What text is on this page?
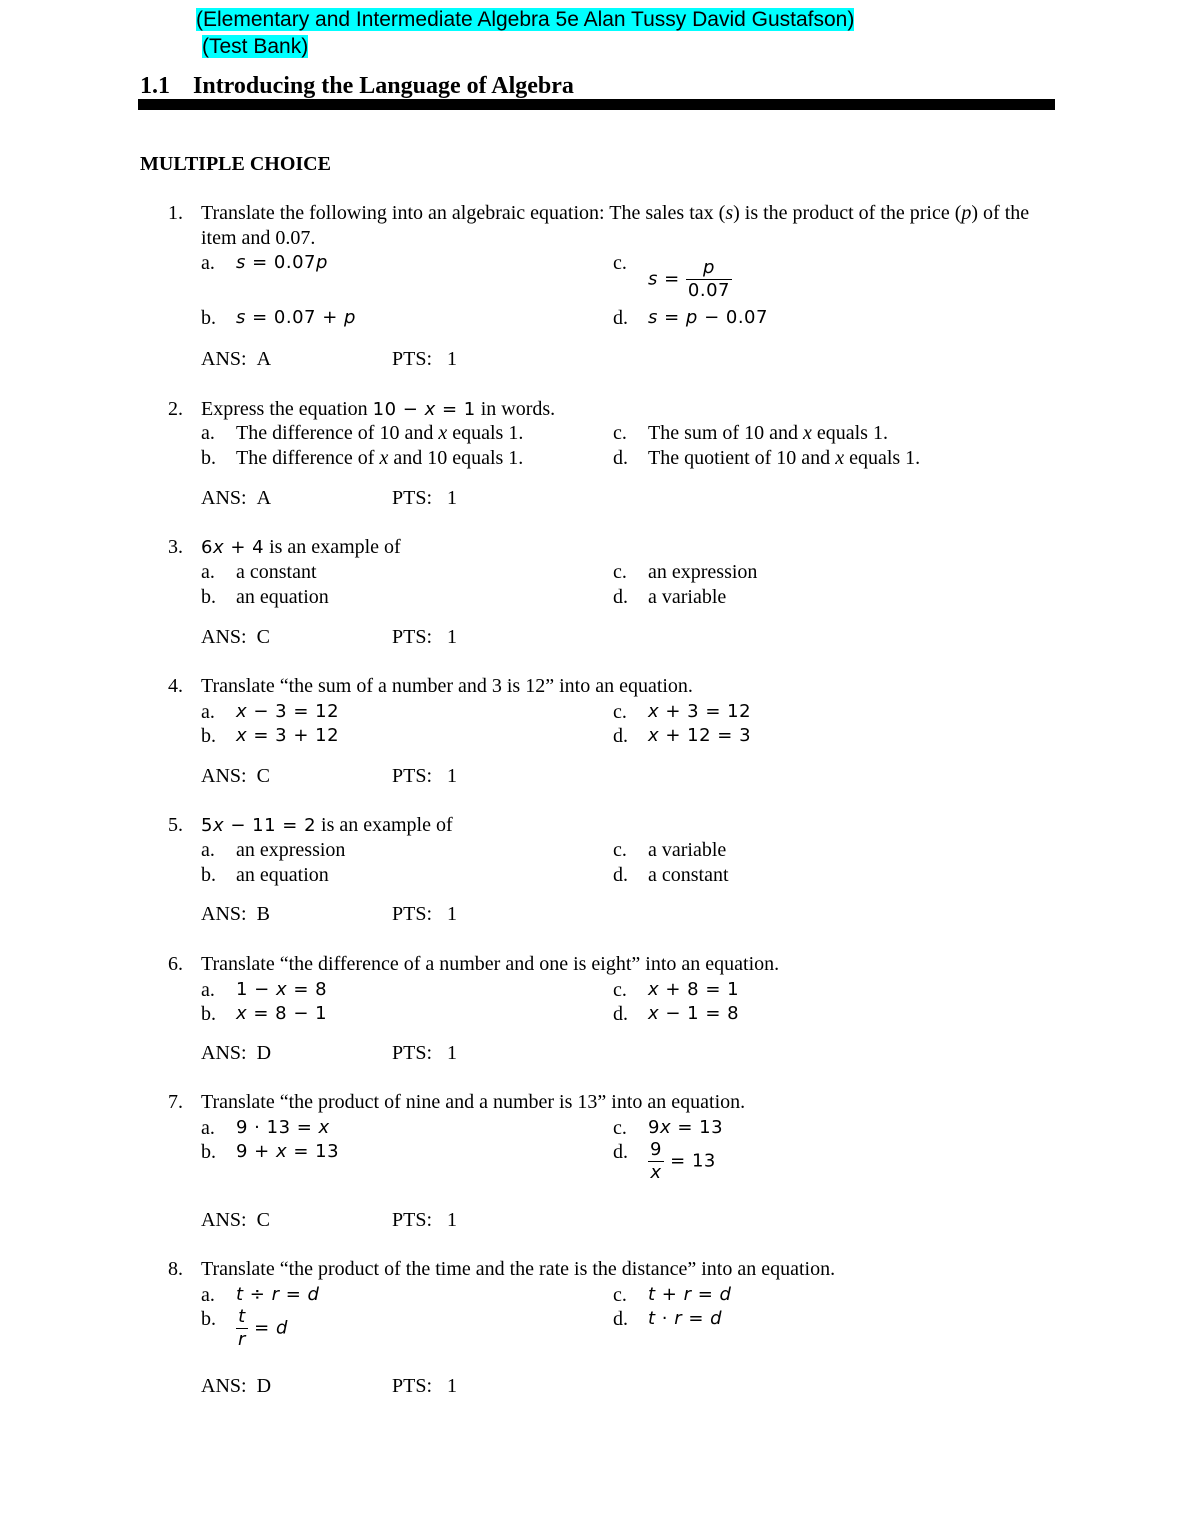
(Elementary and Intermediate Algebra 5e Alan Tussy David Gustafson)
(Test Bank)
1.1 Introducing the Language of Algebra
MULTIPLE CHOICE
1. Translate the following into an algebraic equation: The sales tax (s) is the product of the price (p) of the item and 0.07.
a. s = 0.07p	c.
$s = \frac{p}{0.07}$
b. s = 0.07 + p	d. s = p − 0.07
ANS: A	PTS: 1
2. Express the equation 10 − x = 1 in words.
a. The difference of 10 and x equals 1.	c. The sum of 10 and x equals 1.
b. The difference of x and 10 equals 1.	d. The quotient of 10 and x equals 1.
ANS: A	PTS: 1
3. 6x + 4 is an example of
a. a constant	c. an expression
b. an equation	d. a variable
ANS: C	PTS: 1
4. Translate “the sum of a number and 3 is 12” into an equation.
a. x − 3 = 12	c. x + 3 = 12
b. x = 3 + 12	d. x + 12 = 3
ANS: C	PTS: 1
5. 5x − 11 = 2 is an example of
a. an expression	c. a variable
b. an equation	d. a constant
ANS: B	PTS: 1
6. Translate “the difference of a number and one is eight” into an equation.
a. 1 − x = 8	c. x + 8 = 1
b. x = 8 − 1	d. x − 1 = 8
ANS: D	PTS: 1
7. Translate “the product of nine and a number is 13” into an equation.
a. 9 · 13 = x	c. 9x = 13
b. 9 + x = 13	d. $\frac{9}{x} = 13$
ANS: C	PTS: 1
8. Translate “the product of the time and the rate is the distance” into an equation.
a. t ÷ r = d	c. t + r = d
b. $\frac{t}{r} = d$	d. t · r = d
ANS: D	PTS: 1
